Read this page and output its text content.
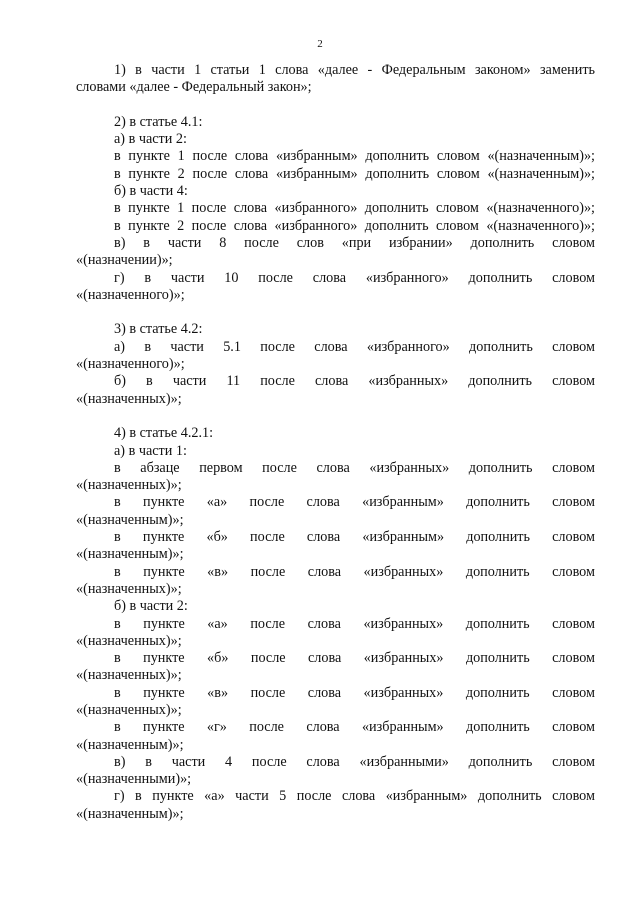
2
1) в части 1 статьи 1 слова «далее - Федеральным законом» заменить
словами «далее - Федеральный закон»;
2) в статье 4.1:
а) в части 2:
в пункте 1 после слова «избранным» дополнить словом «(назначенным)»;
в пункте 2 после слова «избранным» дополнить словом «(назначенным)»;
б) в части 4:
в пункте 1 после слова «избранного» дополнить словом «(назначенного)»;
в пункте 2 после слова «избранного» дополнить словом «(назначенного)»;
в) в части 8 после слов «при избрании» дополнить словом
«(назначении)»;
г) в части 10 после слова «избранного» дополнить словом
«(назначенного)»;
3) в статье 4.2:
а) в части 5.1 после слова «избранного» дополнить словом
«(назначенного)»;
б) в части 11 после слова «избранных» дополнить словом
«(назначенных)»;
4) в статье 4.2.1:
а) в части 1:
в абзаце первом после слова «избранных» дополнить словом
«(назначенных)»;
в пункте «а» после слова «избранным» дополнить словом
«(назначенным)»;
в пункте «б» после слова «избранным» дополнить словом
«(назначенным)»;
в пункте «в» после слова «избранных» дополнить словом
«(назначенных)»;
б) в части 2:
в пункте «а» после слова «избранных» дополнить словом
«(назначенных)»;
в пункте «б» после слова «избранных» дополнить словом
«(назначенных)»;
в пункте «в» после слова «избранных» дополнить словом
«(назначенных)»;
в пункте «г» после слова «избранным» дополнить словом
«(назначенным)»;
в) в части 4 после слова «избранными» дополнить словом
«(назначенными)»;
г) в пункте «а» части 5 после слова «избранным» дополнить словом
«(назначенным)»;
